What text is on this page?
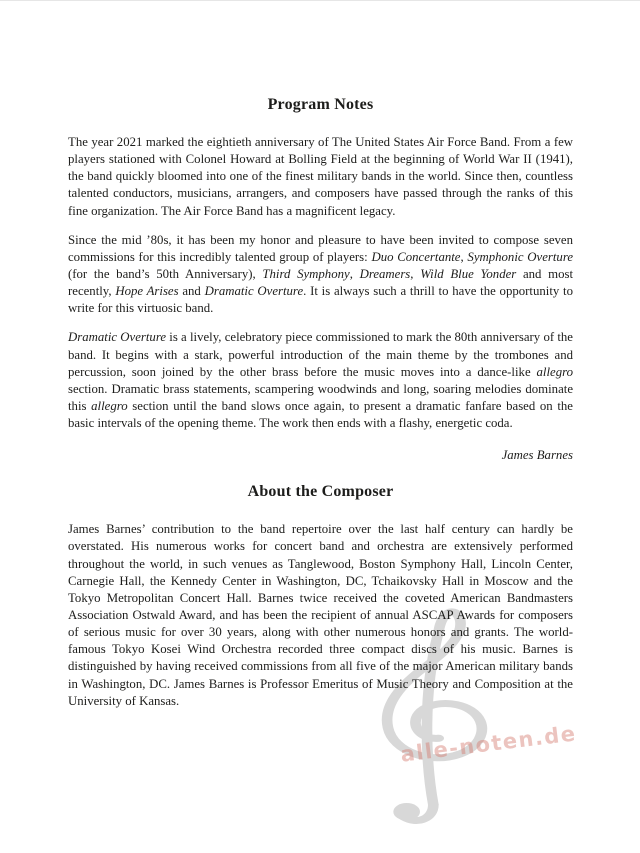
alle-noten.de
Program Notes

The year 2021 marked the eightieth anniversary of The United States Air Force Band. From a few players stationed with Colonel Howard at Bolling Field at the beginning of World War II (1941), the band quickly bloomed into one of the finest military bands in the world. Since then, countless talented conductors, musicians, arrangers, and composers have passed through the ranks of this fine organization. The Air Force Band has a magnificent legacy.

Since the mid ’80s, it has been my honor and pleasure to have been invited to compose seven commissions for this incredibly talented group of players: Duo Concertante, Symphonic Overture (for the band’s 50th Anniversary), Third Symphony, Dreamers, Wild Blue Yonder and most recently, Hope Arises and Dramatic Overture. It is always such a thrill to have the opportunity to write for this virtuosic band.

Dramatic Overture is a lively, celebratory piece commissioned to mark the 80th anniversary of the band. It begins with a stark, powerful introduction of the main theme by the trombones and percussion, soon joined by the other brass before the music moves into a dance-like allegro section. Dramatic brass statements, scampering woodwinds and long, soaring melodies dominate this allegro section until the band slows once again, to present a dramatic fanfare based on the basic intervals of the opening theme. The work then ends with a flashy, energetic coda.

James Barnes
About the Composer

James Barnes’ contribution to the band repertoire over the last half century can hardly be overstated. His numerous works for concert band and orchestra are extensively performed throughout the world, in such venues as Tanglewood, Boston Symphony Hall, Lincoln Center, Carnegie Hall, the Kennedy Center in Washington, DC, Tchaikovsky Hall in Moscow and the Tokyo Metropolitan Concert Hall. Barnes twice received the coveted American Bandmasters Association Ostwald Award, and has been the recipient of annual ASCAP Awards for composers of serious music for over 30 years, along with other numerous honors and grants. The world-famous Tokyo Kosei Wind Orchestra recorded three compact discs of his music. Barnes is distinguished by having received commissions from all five of the major American military bands in Washington, DC. James Barnes is Professor Emeritus of Music Theory and Composition at the University of Kansas.
